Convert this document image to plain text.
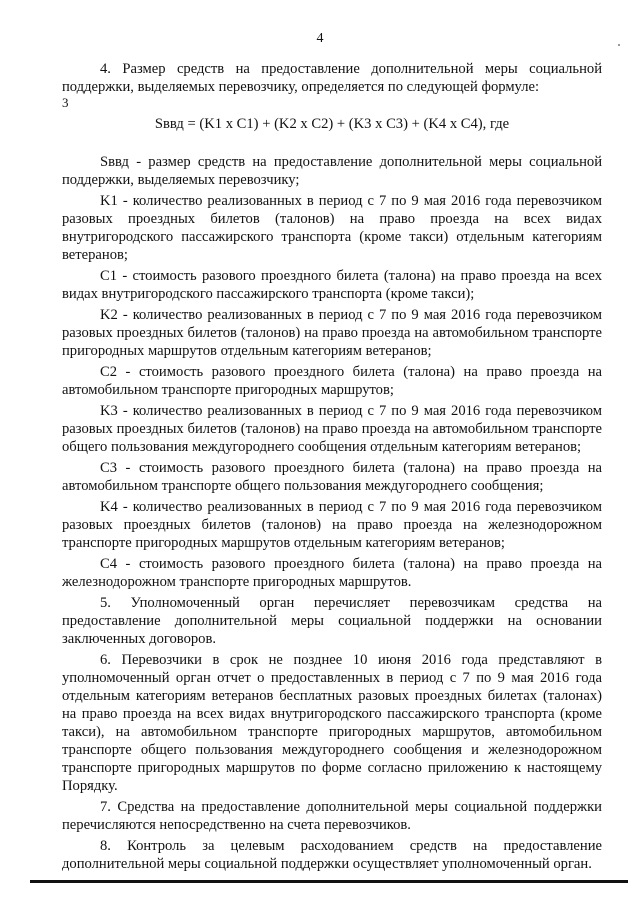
4

4. Размер средств на предоставление дополнительной меры социальной поддержки, выделяемых перевозчику, определяется по следующей формуле:

3

Sввд = (K1 x C1) + (K2 x C2) + (K3 x C3) + (K4 x C4), где

Sввд - размер средств на предоставление дополнительной меры социальной поддержки, выделяемых перевозчику;

K1 - количество реализованных в период с 7 по 9 мая 2016 года перевозчиком разовых проездных билетов (талонов) на право проезда на всех видах внутригородского пассажирского транспорта (кроме такси) отдельным категориям ветеранов;

C1 - стоимость разового проездного билета (талона) на право проезда на всех видах внутригородского пассажирского транспорта (кроме такси);

K2 - количество реализованных в период с 7 по 9 мая 2016 года перевозчиком разовых проездных билетов (талонов) на право проезда на автомобильном транспорте пригородных маршрутов отдельным категориям ветеранов;

C2 - стоимость разового проездного билета (талона) на право проезда на автомобильном транспорте пригородных маршрутов;

K3 - количество реализованных в период с 7 по 9 мая 2016 года перевозчиком разовых проездных билетов (талонов) на право проезда на автомобильном транспорте общего пользования междугороднего сообщения отдельным категориям ветеранов;

C3 - стоимость разового проездного билета (талона) на право проезда на автомобильном транспорте общего пользования междугороднего сообщения;

K4 - количество реализованных в период с 7 по 9 мая 2016 года перевозчиком разовых проездных билетов (талонов) на право проезда на железнодорожном транспорте пригородных маршрутов отдельным категориям ветеранов;

C4 - стоимость разового проездного билета (талона) на право проезда на железнодорожном транспорте пригородных маршрутов.

5. Уполномоченный орган перечисляет перевозчикам средства на предоставление дополнительной меры социальной поддержки на основании заключенных договоров.

6. Перевозчики в срок не позднее 10 июня 2016 года представляют в уполномоченный орган отчет о предоставленных в период с 7 по 9 мая 2016 года отдельным категориям ветеранов бесплатных разовых проездных билетах (талонах) на право проезда на всех видах внутригородского пассажирского транспорта (кроме такси), на автомобильном транспорте пригородных маршрутов, автомобильном транспорте общего пользования междугороднего сообщения и железнодорожном транспорте пригородных маршрутов по форме согласно приложению к настоящему Порядку.

7. Средства на предоставление дополнительной меры социальной поддержки перечисляются непосредственно на счета перевозчиков.

8. Контроль за целевым расходованием средств на предоставление дополнительной меры социальной поддержки осуществляет уполномоченный орган.
